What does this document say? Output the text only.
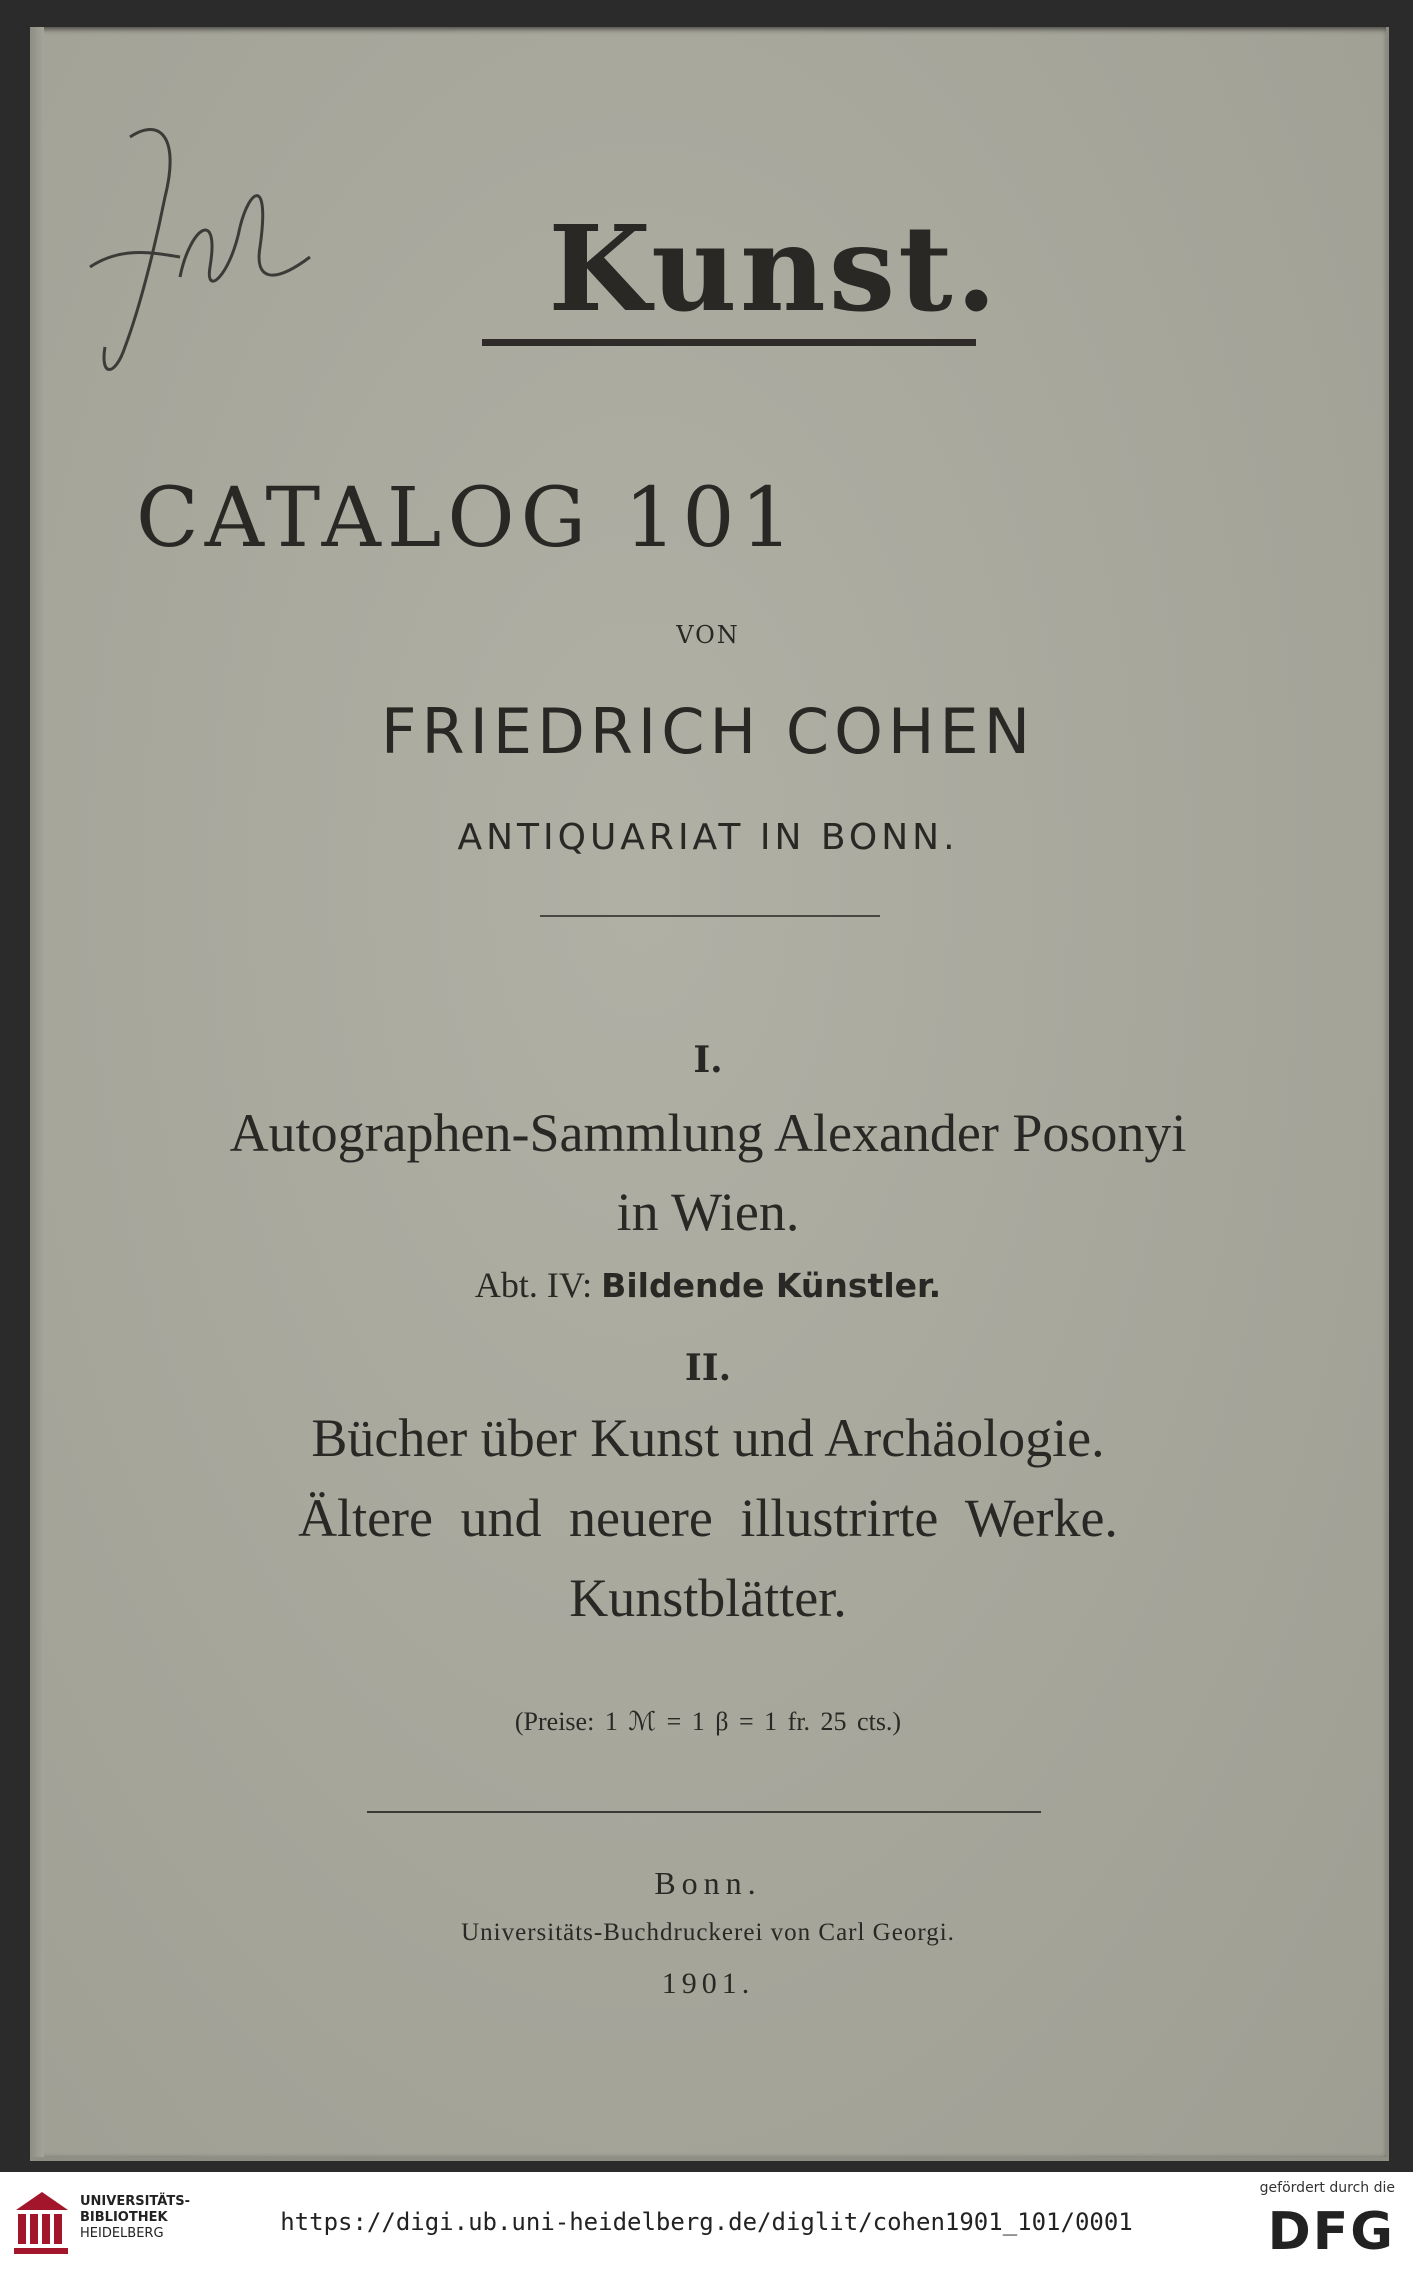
Kunst.
CATALOG 101
VON
FRIEDRICH COHEN
ANTIQUARIAT IN BONN.
I.
Autographen-Sammlung Alexander Posonyi
in Wien.
Abt. IV: Bildende Künstler.
II.
Bücher über Kunst und Archäologie.
Ältere und neuere illustrirte Werke.
Kunstblätter.
(Preise: 1 ℳ = 1 β = 1 fr. 25 cts.)
Bonn.
Universitäts-Buchdruckerei von Carl Georgi.
1901.
UNIVERSITÄTS-
BIBLIOTHEK
HEIDELBERG	https://digi.ub.uni-heidelberg.de/diglit/cohen1901_101/0001
gefördert durch die
DFG
